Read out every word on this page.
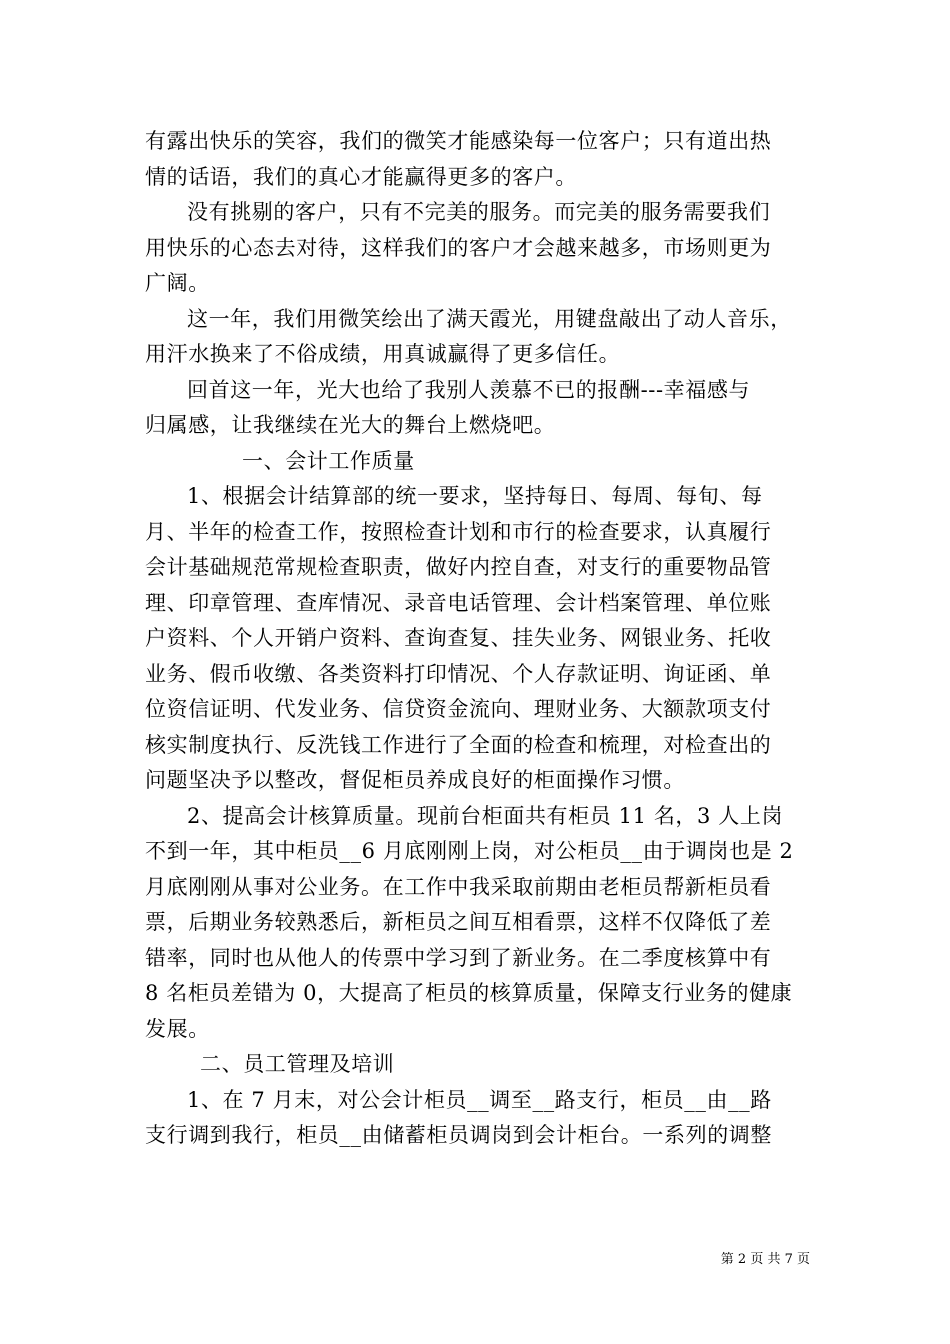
有露出快乐的笑容，我们的微笑才能感染每一位客户；只有道出热
情的话语，我们的真心才能赢得更多的客户。
没有挑剔的客户，只有不完美的服务。而完美的服务需要我们
用快乐的心态去对待，这样我们的客户才会越来越多，市场则更为
广阔。
这一年，我们用微笑绘出了满天霞光，用键盘敲出了动人音乐，
用汗水换来了不俗成绩，用真诚赢得了更多信任。
回首这一年，光大也给了我别人羡慕不已的报酬---幸福感与
归属感，让我继续在光大的舞台上燃烧吧。
一、会计工作质量
1、根据会计结算部的统一要求，坚持每日、每周、每旬、每
月、半年的检查工作，按照检查计划和市行的检查要求，认真履行
会计基础规范常规检查职责，做好内控自查，对支行的重要物品管
理、印章管理、查库情况、录音电话管理、会计档案管理、单位账
户资料、个人开销户资料、查询查复、挂失业务、网银业务、托收
业务、假币收缴、各类资料打印情况、个人存款证明、询证函、单
位资信证明、代发业务、信贷资金流向、理财业务、大额款项支付
核实制度执行、反洗钱工作进行了全面的检查和梳理，对检查出的
问题坚决予以整改，督促柜员养成良好的柜面操作习惯。
2、提高会计核算质量。现前台柜面共有柜员 11 名，3 人上岗
不到一年，其中柜员__6 月底刚刚上岗，对公柜员__由于调岗也是 2
月底刚刚从事对公业务。在工作中我采取前期由老柜员帮新柜员看
票，后期业务较熟悉后，新柜员之间互相看票，这样不仅降低了差
错率，同时也从他人的传票中学习到了新业务。在二季度核算中有
8 名柜员差错为 0，大提高了柜员的核算质量，保障支行业务的健康
发展。
二、员工管理及培训
1、在 7 月末，对公会计柜员__调至__路支行，柜员__由__路
支行调到我行，柜员__由储蓄柜员调岗到会计柜台。一系列的调整
第 2 页 共 7 页
